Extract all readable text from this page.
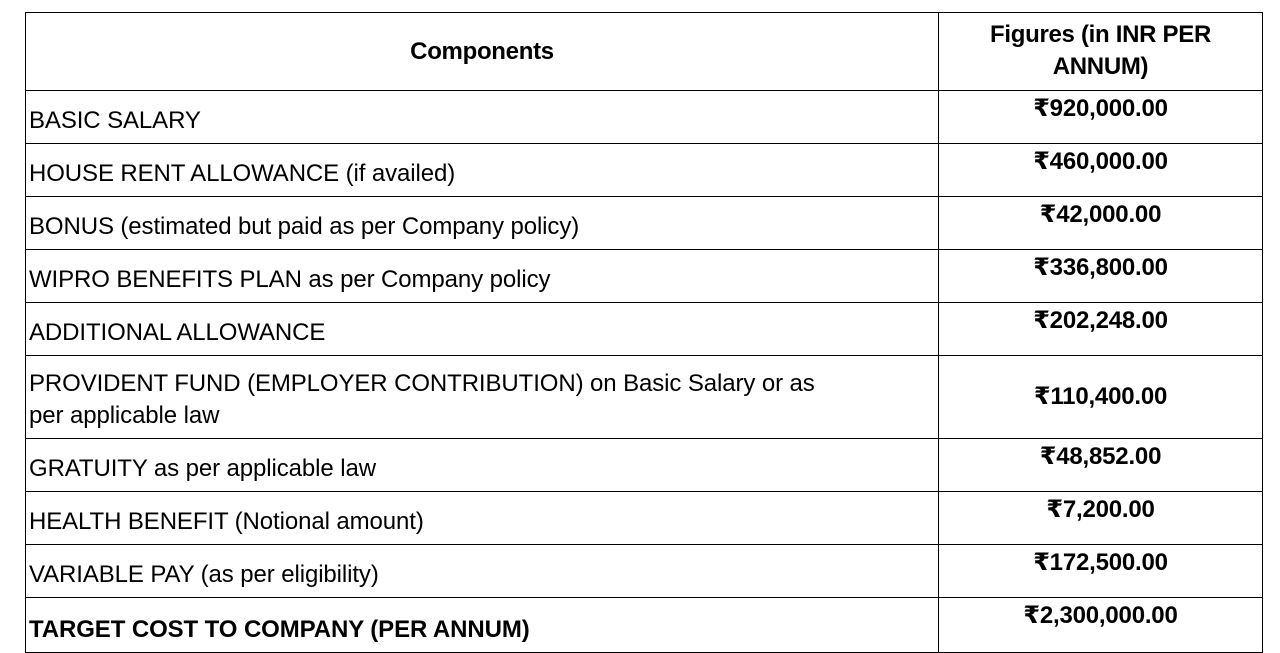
Components	Figures (in INR PER
ANNUM)
BASIC SALARY	₹920,000.00
HOUSE RENT ALLOWANCE (if availed)	₹460,000.00
BONUS (estimated but paid as per Company policy)	₹42,000.00
WIPRO BENEFITS PLAN as per Company policy	₹336,800.00
ADDITIONAL ALLOWANCE	₹202,248.00
PROVIDENT FUND (EMPLOYER CONTRIBUTION) on Basic Salary or as
per applicable law	₹110,400.00
GRATUITY as per applicable law	₹48,852.00
HEALTH BENEFIT (Notional amount)	₹7,200.00
VARIABLE PAY (as per eligibility)	₹172,500.00
TARGET COST TO COMPANY (PER ANNUM)	₹2,300,000.00
